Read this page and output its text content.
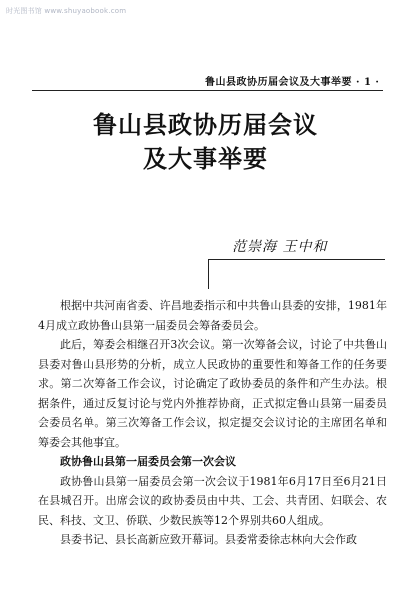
时光图书馆 www.shuyaobook.com
鲁山县政协历届会议及大事举要 · 1 ·
鲁山县政协历届会议
及大事举要
范崇海 王中和

根据中共河南省委、许昌地委指示和中共鲁山县委的安排，1981年4月成立政协鲁山县第一届委员会筹备委员会。

此后，筹委会相继召开3次会议。第一次筹备会议，讨论了中共鲁山县委对鲁山县形势的分析，成立人民政协的重要性和筹备工作的任务要求。第二次筹备工作会议，讨论确定了政协委员的条件和产生办法。根据条件，通过反复讨论与党内外推荐协商，正式拟定鲁山县第一届委员会委员名单。第三次筹备工作会议，拟定提交会议讨论的主席团名单和筹委会其他事宜。

政协鲁山县第一届委员会第一次会议

政协鲁山县第一届委员会第一次会议于1981年6月17日至6月21日在县城召开。出席会议的政协委员由中共、工会、共青团、妇联会、农民、科技、文卫、侨联、少数民族等12个界别共60人组成。

县委书记、县长高新应致开幕词。县委常委徐志林向大会作政
